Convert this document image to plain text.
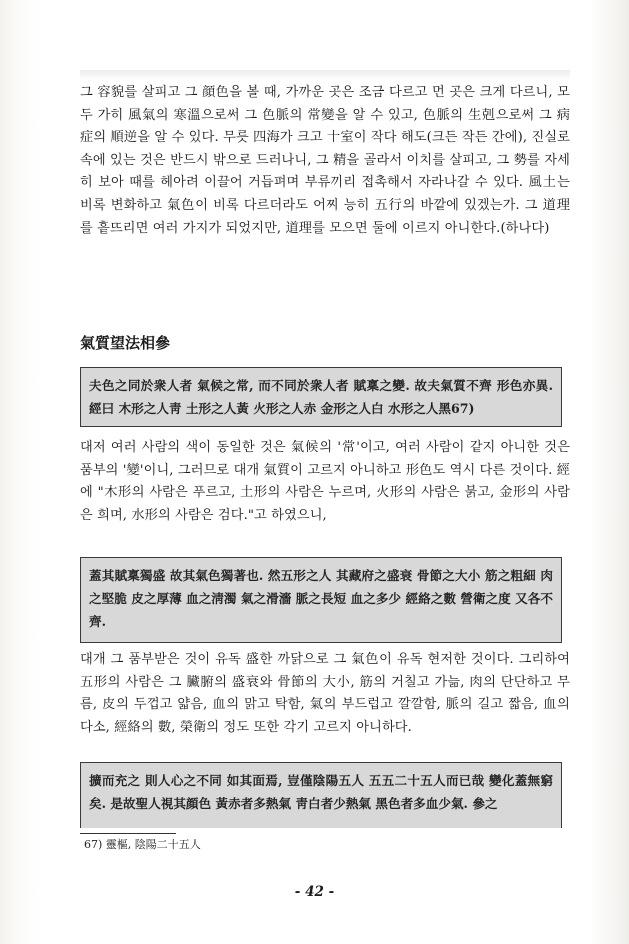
그 容貌를 살피고 그 顔色을 볼 때, 가까운 곳은 조금 다르고 먼 곳은 크게 다르니, 모두 가히 風氣의 寒溫으로써 그 色脈의 常變을 알 수 있고, 色脈의 生剋으로써 그 病症의 順逆을 알 수 있다. 무릇 四海가 크고 十室이 작다 해도(크든 작든 간에), 진실로 속에 있는 것은 반드시 밖으로 드러나니, 그 精을 골라서 이치를 살피고, 그 勢를 자세히 보아 때를 헤아려 이끌어 거듭펴며 부류끼리 접촉해서 자라나갈 수 있다. 風土는 비록 변화하고 氣色이 비록 다르더라도 어찌 능히 五行의 바깥에 있겠는가. 그 道理를 흩뜨리면 여러 가지가 되었지만, 道理를 모으면 둘에 이르지 아니한다.(하나다)

氣質望法相參
夫色之同於衆人者 氣候之常, 而不同於衆人者 賦稟之變. 故夫氣質不齊 形色亦異. 經曰 木形之人靑 土形之人黃 火形之人赤 金形之人白 水形之人黑67)

대저 여러 사람의 색이 동일한 것은 氣候의 '常'이고, 여러 사람이 같지 아니한 것은 품부의 '變'이니, 그러므로 대개 氣質이 고르지 아니하고 形色도 역시 다른 것이다. 經에 "木形의 사람은 푸르고, 土形의 사람은 누르며, 火形의 사람은 붉고, 金形의 사람은 희며, 水形의 사람은 검다."고 하였으니,

蓋其賦稟獨盛 故其氣色獨著也. 然五形之人 其藏府之盛衰 骨節之大小 筋之粗細 肉之堅脆 皮之厚薄 血之淸濁 氣之滑濇 脈之長短 血之多少 經絡之數 營衛之度 又各不齊.

대개 그 품부받은 것이 유독 盛한 까닭으로 그 氣色이 유독 현저한 것이다. 그리하여 五形의 사람은 그 臟腑의 盛衰와 骨節의 大小, 筋의 거칠고 가늚, 肉의 단단하고 무름, 皮의 두껍고 얇음, 血의 맑고 탁함, 氣의 부드럽고 깔깔함, 脈의 길고 짧음, 血의 다소, 經絡의 數, 榮衛의 정도 또한 각기 고르지 아니하다.

擴而充之 則人心之不同 如其面焉, 豈僅陰陽五人 五五二十五人而已哉 變化蓋無窮矣. 是故聖人視其顔色 黃赤者多熱氣 靑白者少熱氣 黑色者多血少氣. 參之

67) 靈樞, 陰陽二十五人

- 42 -
